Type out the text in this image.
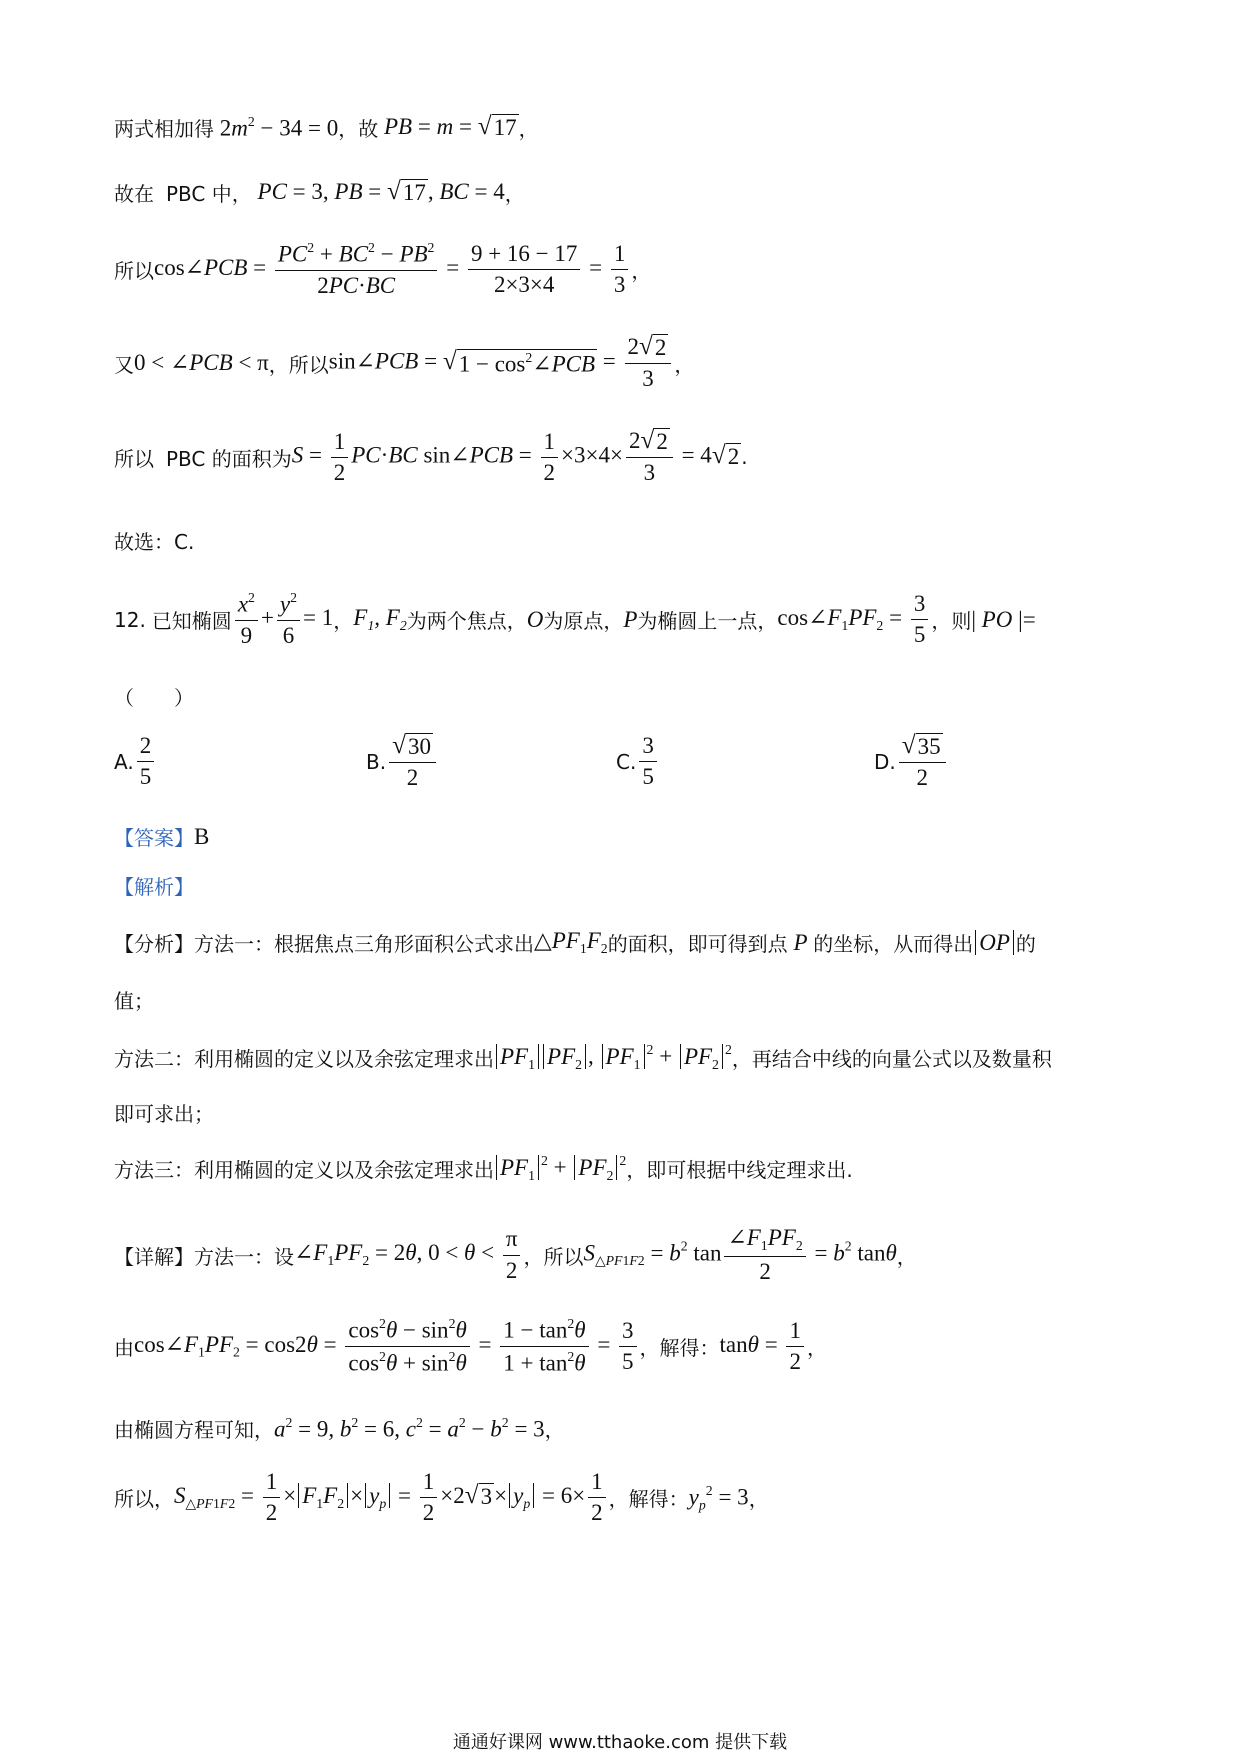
两式相加得 $2m^2 - 34 = 0$ ， 故 PB = m = √ 17 ，
故在 PBC 中， PC = 3, PB = √ 17 , BC = 4 ，
所以 cos∠PCB = $\frac{PC^2 + BC^2 - PB^2}{2PC\cdot BC} = \frac{9 + 16 - 17}{2\times 3\times 4} = \frac{1}{3}$ ，
又 0 < ∠PCB < π ， 所以 sin∠PCB = √ $1 - \cos^2\angle PCB = \frac{2 √ 2}{3}$ ，
所以 PBC 的面积为 $S = \frac{1}{2} PC\cdot BC$ sin∠PCB = $\frac{1}{2} \times 3\times 4\times \frac{2 √ 2}{3} = 4$ √ 2 .
故选：C.
12. 已知椭圆 $\frac{x^2}{9} + \frac{y^2}{6} = 1$ ， $F_1$, $F_2$ 为两个焦点， O 为原点， P 为椭圆上一点， $\cos\angle F_1PF_2 = \frac{3}{5}$ ， 则 | PO |=
（　　）
A. $\frac{2}{5}$	B. $\frac{√ 30}{2}$	C. $\frac{3}{5}$	D. $\frac{√ 35}{2}$
【答案】 B
【解析】
【分析】 方法一：根据焦点三角形面积公式求出 $\triangle PF_1F_2$ 的面积，即可得到点 P 的坐标，从而得出 OP 的
值；
方法二：利用椭圆的定义以及余弦定理求出 $PF_1$ $PF_2$ , $PF_1^2 + PF_2^2$ ，再结合中线的向量公式以及数量积
即可求出；
方法三：利用椭圆的定义以及余弦定理求出 $PF_1^2 + PF_2^2$ ，即可根据中线定理求出.
【详解】 方法一：设 $\angle F_1PF_2 = 2\theta$, $0 < \theta < \frac{\pi}{2}$ ， 所以 $S_{\triangle PF1F2} = b^2$ $\tan \frac{\angle F_1PF_2}{2} = b^2$ tanθ ，
由 $\cos\angle F_1PF_2 = \cos 2\theta = \frac{\cos^2\theta - \sin^2\theta}{\cos^2\theta + \sin^2\theta} = \frac{1 - \tan^2\theta}{1 + \tan^2\theta} = \frac{3}{5}$ ，解得： $\tan\theta = \frac{1}{2}$ ，
由椭圆方程可知， $a^2 = 9$, $b^2 = 6$, $c^2 = a^2 - b^2 = 3$ ，
所以， $S_{\triangle PF1F2} = \frac{1}{2} \times F_1F_2 \times y_p = \frac{1}{2} \times 2$ √ $3 \times y_p = 6\times \frac{1}{2}$ ，解得： $y_p^2 = 3$ ，
通通好课网 www.tthaoke.com 提供下载
